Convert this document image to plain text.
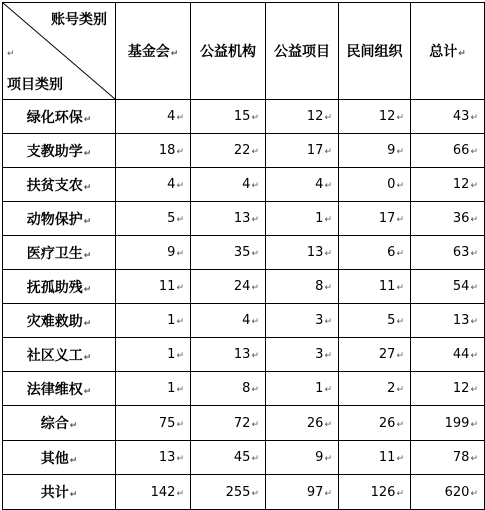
账号类别
↵
项目类别	基金会↵	公益机构	公益项目	民间组织	总计↵
绿化环保↵	4↵	15↵	12↵	12↵	43↵
支教助学↵	18↵	22↵	17↵	9↵	66↵
扶贫支农↵	4↵	4↵	4↵	0↵	12↵
动物保护↵	5↵	13↵	1↵	17↵	36↵
医疗卫生↵	9↵	35↵	13↵	6↵	63↵
抚孤助残↵	11↵	24↵	8↵	11↵	54↵
灾难救助↵	1↵	4↵	3↵	5↵	13↵
社区义工↵	1↵	13↵	3↵	27↵	44↵
法律维权↵	1↵	8↵	1↵	2↵	12↵
综合↵	75↵	72↵	26↵	26↵	199↵
其他↵	13↵	45↵	9↵	11↵	78↵
共计↵	142↵	255↵	97↵	126↵	620↵
